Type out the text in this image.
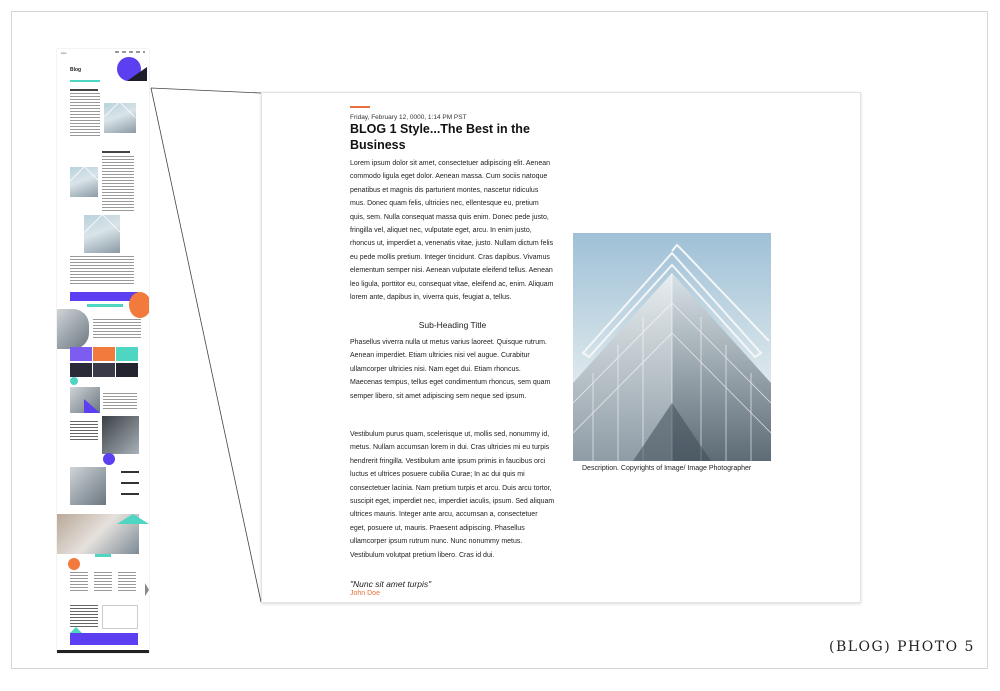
▪▪▪▪▪
Blog
Friday, February 12, 0000, 1:14 PM PST
BLOG 1 Style...The Best in the Business

Lorem ipsum dolor sit amet, consectetuer adipiscing elit. Aenean commodo ligula eget dolor. Aenean massa. Cum sociis natoque penatibus et magnis dis parturient montes, nascetur ridiculus mus. Donec quam felis, ultricies nec, ellentesque eu, pretium quis, sem. Nulla consequat massa quis enim. Donec pede justo, fringilla vel, aliquet nec, vulputate eget, arcu. In enim justo, rhoncus ut, imperdiet a, venenatis vitae, justo. Nullam dictum felis eu pede mollis pretium. Integer tincidunt. Cras dapibus. Vivamus elementum semper nisi. Aenean vulputate eleifend tellus. Aenean leo ligula, porttitor eu, consequat vitae, eleifend ac, enim. Aliquam lorem ante, dapibus in, viverra quis, feugiat a, tellus.

Sub-Heading Title

Phasellus viverra nulla ut metus varius laoreet. Quisque rutrum. Aenean imperdiet. Etiam ultricies nisi vel augue. Curabitur ullamcorper ultricies nisi. Nam eget dui. Etiam rhoncus. Maecenas tempus, tellus eget condimentum rhoncus, sem quam semper libero, sit amet adipiscing sem neque sed ipsum.

Vestibulum purus quam, scelerisque ut, mollis sed, nonummy id, metus. Nullam accumsan lorem in dui. Cras ultricies mi eu turpis hendrerit fringilla. Vestibulum ante ipsum primis in faucibus orci luctus et ultrices posuere cubilia Curae; In ac dui quis mi consectetuer lacinia. Nam pretium turpis et arcu. Duis arcu tortor, suscipit eget, imperdiet nec, imperdiet iaculis, ipsum. Sed aliquam ultrices mauris. Integer ante arcu, accumsan a, consectetuer eget, posuere ut, mauris. Praesent adipiscing. Phasellus ullamcorper ipsum rutrum nunc. Nunc nonummy metus. Vestibulum volutpat pretium libero. Cras id dui.

"Nunc sit amet turpis"
John Doe
Description. Copyrights of Image/ Image Photographer
(BLOG) PHOTO 5
